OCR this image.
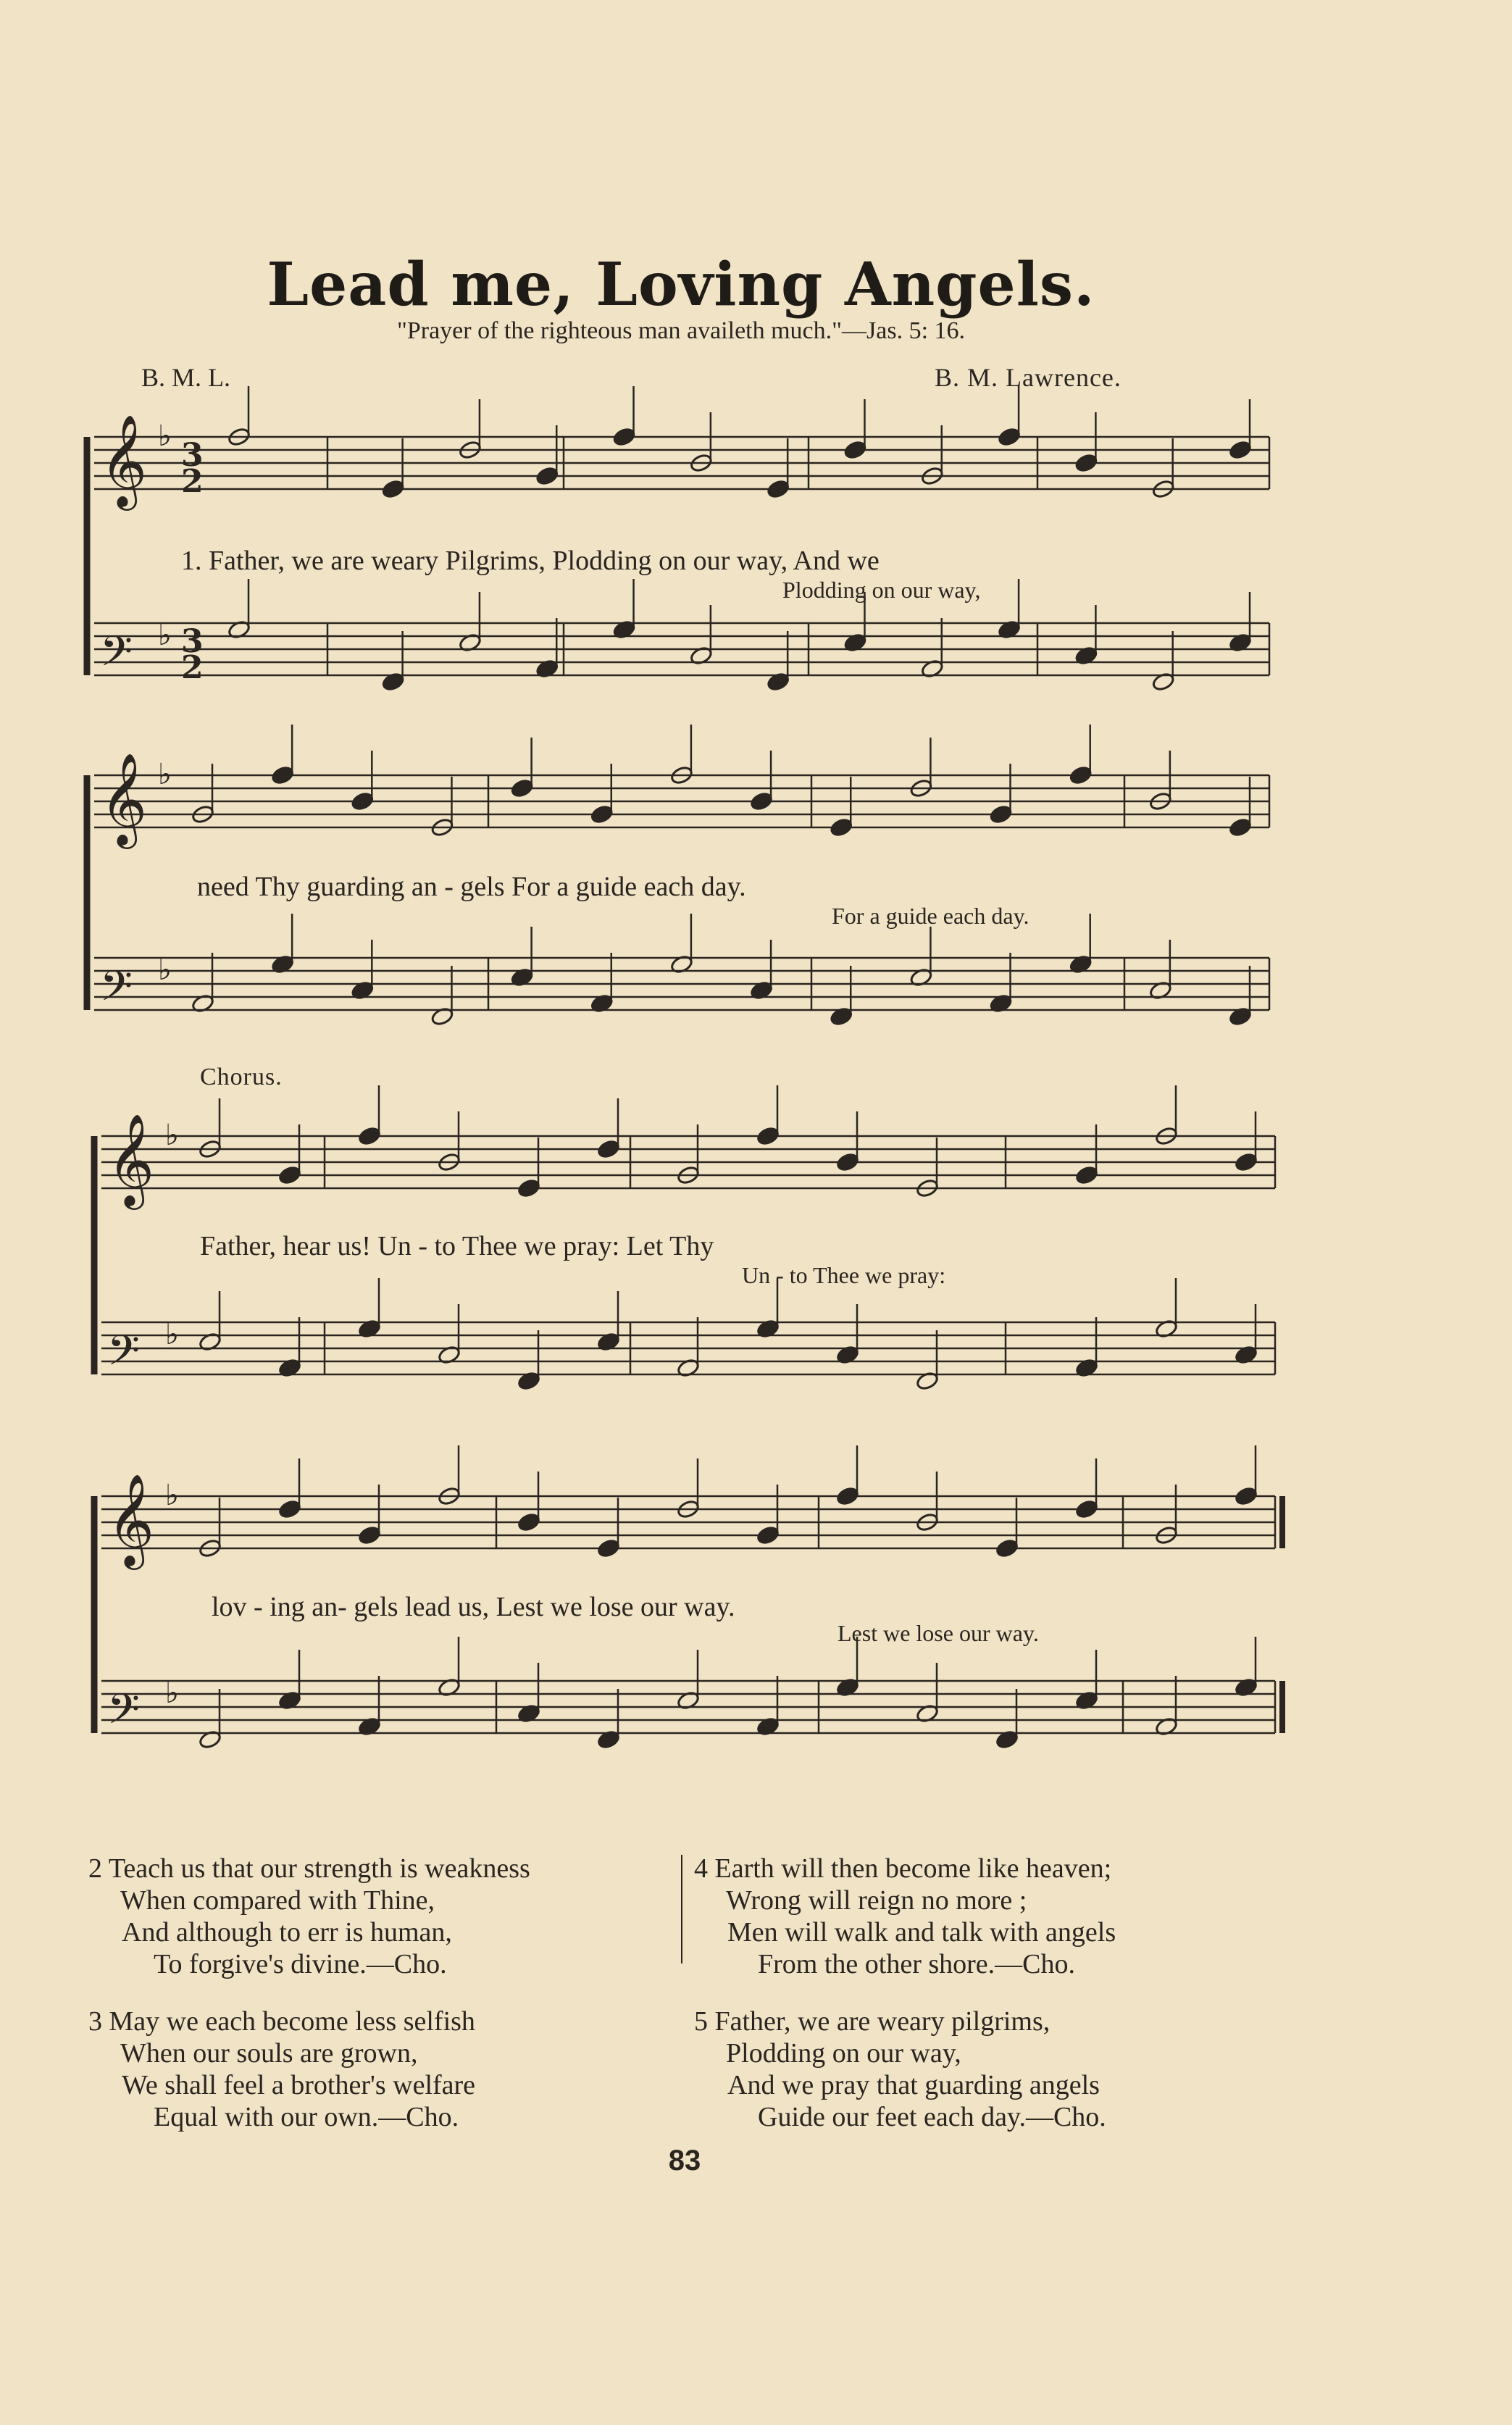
Lead me, Loving Angels.
"Prayer of the righteous man availeth much."—Jas. 5: 16.
B. M. L.	B. M. Lawrence.
𝄞 ♭
3
2
𝄢 ♭ 3
2
𝄞 ♭
𝄢 ♭
𝄞 ♭
𝄢 ♭
𝄞 ♭
𝄢 ♭
1. Father, we are weary Pilgrims, Plodding on our way, And we
Plodding on our way,
need Thy guarding an - gels For a guide each day.
For a guide each day.
Chorus.
Father, hear us! Un - to Thee we pray: Let Thy
Un - to Thee we pray:
lov - ing an- gels lead us, Lest we lose our way.
Lest we lose our way.
2 Teach us that our strength is weakness
When compared with Thine,
And although to err is human,
To forgive's divine.—Cho.
3 May we each become less selfish
When our souls are grown,
We shall feel a brother's welfare
Equal with our own.—Cho.
4 Earth will then become like heaven;
Wrong will reign no more ;
Men will walk and talk with angels
From the other shore.—Cho.
5 Father, we are weary pilgrims,
Plodding on our way,
And we pray that guarding angels
Guide our feet each day.—Cho.
83
